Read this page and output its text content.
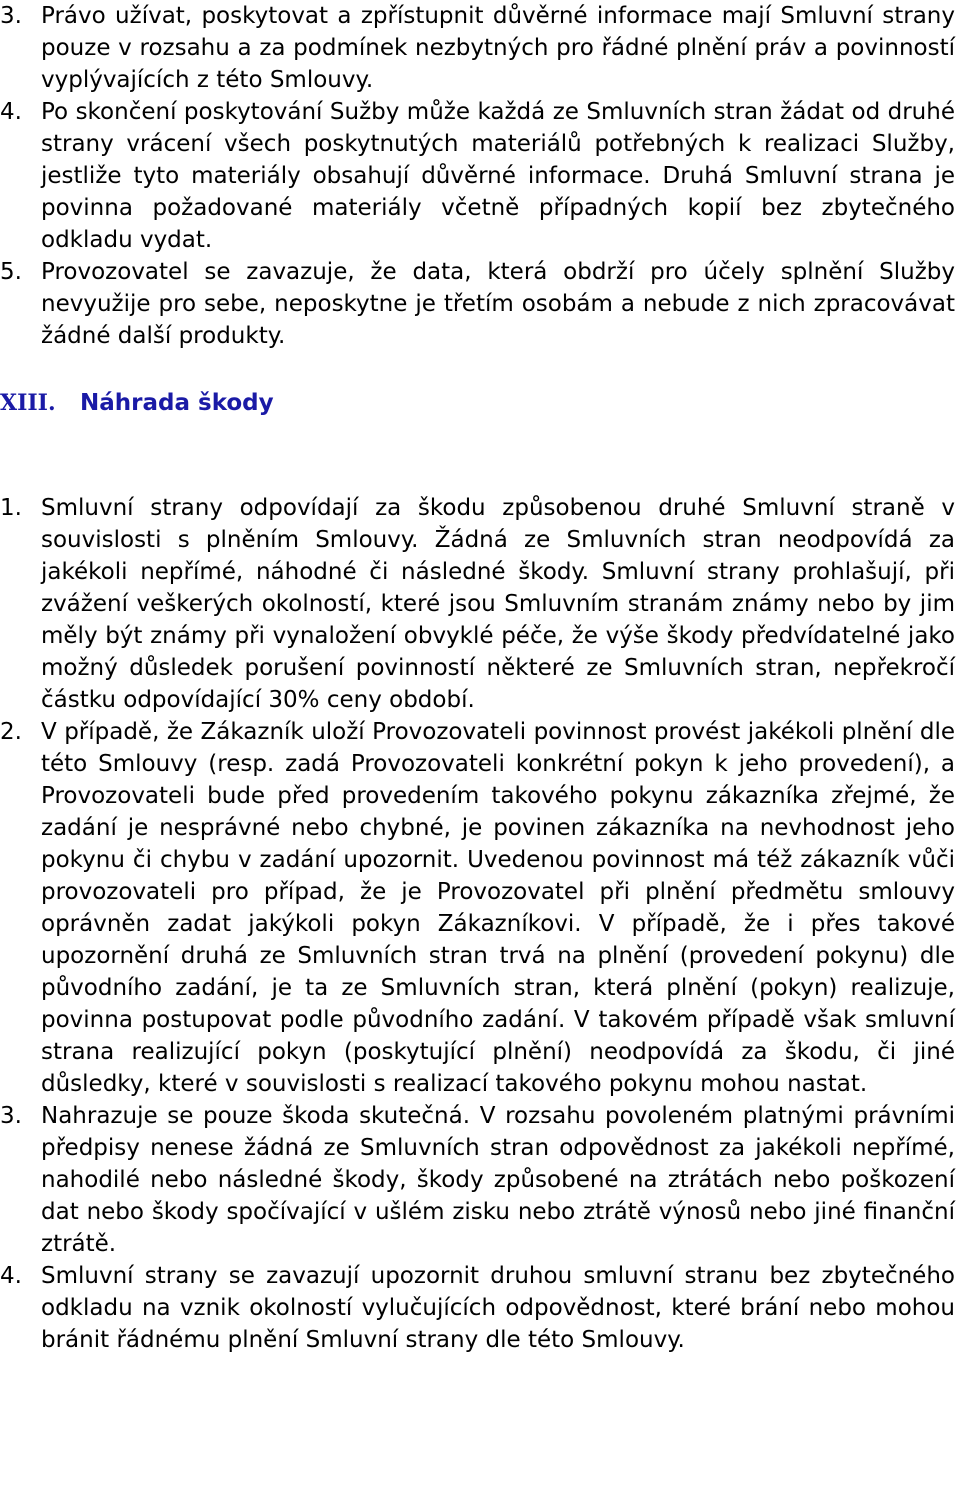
3. Právo užívat, poskytovat a zpřístupnit důvěrné informace mají Smluvní strany pouze v rozsahu a za podmínek nezbytných pro řádné plnění práv a povinností vyplývajících z této Smlouvy.
4. Po skončení poskytování Sužby může každá ze Smluvních stran žádat od druhé strany vrácení všech poskytnutých materiálů potřebných k realizaci Služby, jestliže tyto materiály obsahují důvěrné informace. Druhá Smluvní strana je povinna požadované materiály včetně případných kopií bez zbytečného odkladu vydat.
5. Provozovatel se zavazuje, že data, která obdrží pro účely splnění Služby nevyužije pro sebe, neposkytne je třetím osobám a nebude z nich zpracovávat žádné další produkty.
XIII.	Náhrada škody
1. Smluvní strany odpovídají za škodu způsobenou druhé Smluvní straně v souvislosti s plněním Smlouvy. Žádná ze Smluvních stran neodpovídá za jakékoli nepřímé, náhodné či následné škody. Smluvní strany prohlašují, při zvážení veškerých okolností, které jsou Smluvním stranám známy nebo by jim měly být známy při vynaložení obvyklé péče, že výše škody předvídatelné jako možný důsledek porušení povinností některé ze Smluvních stran, nepřekročí částku odpovídající 30% ceny období.
2. V případě, že Zákazník uloží Provozovateli povinnost provést jakékoli plnění dle této Smlouvy (resp. zadá Provozovateli konkrétní pokyn k jeho provedení), a Provozovateli bude před provedením takového pokynu zákazníka zřejmé, že zadání je nesprávné nebo chybné, je povinen zákazníka na nevhodnost jeho pokynu či chybu v zadání upozornit. Uvedenou povinnost má též zákazník vůči provozovateli pro případ, že je Provozovatel při plnění předmětu smlouvy oprávněn zadat jakýkoli pokyn Zákazníkovi. V případě, že i přes takové upozornění druhá ze Smluvních stran trvá na plnění (provedení pokynu) dle původního zadání, je ta ze Smluvních stran, která plnění (pokyn) realizuje, povinna postupovat podle původního zadání. V takovém případě však smluvní strana realizující pokyn (poskytující plnění) neodpovídá za škodu, či jiné důsledky, které v souvislosti s realizací takového pokynu mohou nastat.
3. Nahrazuje se pouze škoda skutečná. V rozsahu povoleném platnými právními předpisy nenese žádná ze Smluvních stran odpovědnost za jakékoli nepřímé, nahodilé nebo následné škody, škody způsobené na ztrátách nebo poškození dat nebo škody spočívající v ušlém zisku nebo ztrátě výnosů nebo jiné finanční ztrátě.
4. Smluvní strany se zavazují upozornit druhou smluvní stranu bez zbytečného odkladu na vznik okolností vylučujících odpovědnost, které brání nebo mohou bránit řádnému plnění Smluvní strany dle této Smlouvy.
